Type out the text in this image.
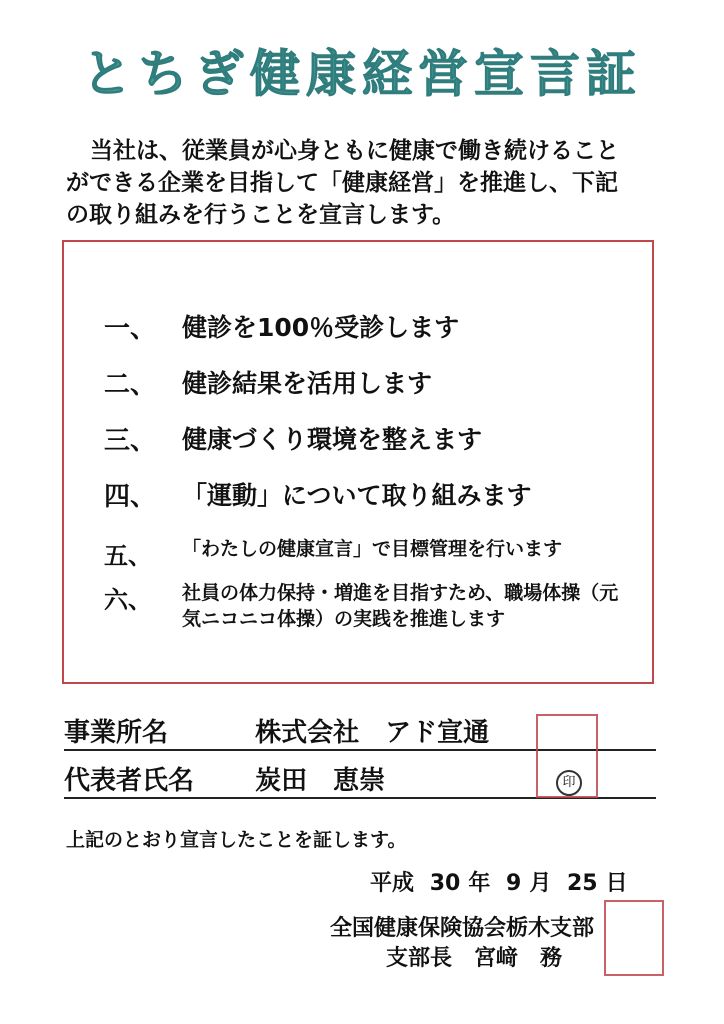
とちぎ健康経営宣言証
当社は、従業員が心身ともに健康で働き続けること
ができる企業を目指して「健康経営」を推進し、下記
の取り組みを行うことを宣言します。
一、	健診を100％受診します
二、	健診結果を活用します
三、	健康づくり環境を整えます
四、	「運動」について取り組みます
五、	「わたしの健康宣言」で目標管理を行います
六、	社員の体力保持・増進を目指すため、職場体操（元気ニコニコ体操）の実践を推進します
事業所名	株式会社　アド宣通
代表者氏名 炭田　恵崇	印
上記のとおり宣言したことを証します。
平成 30 年 9 月 25 日
全国健康保険協会栃木支部
支部長　宮﨑　務
